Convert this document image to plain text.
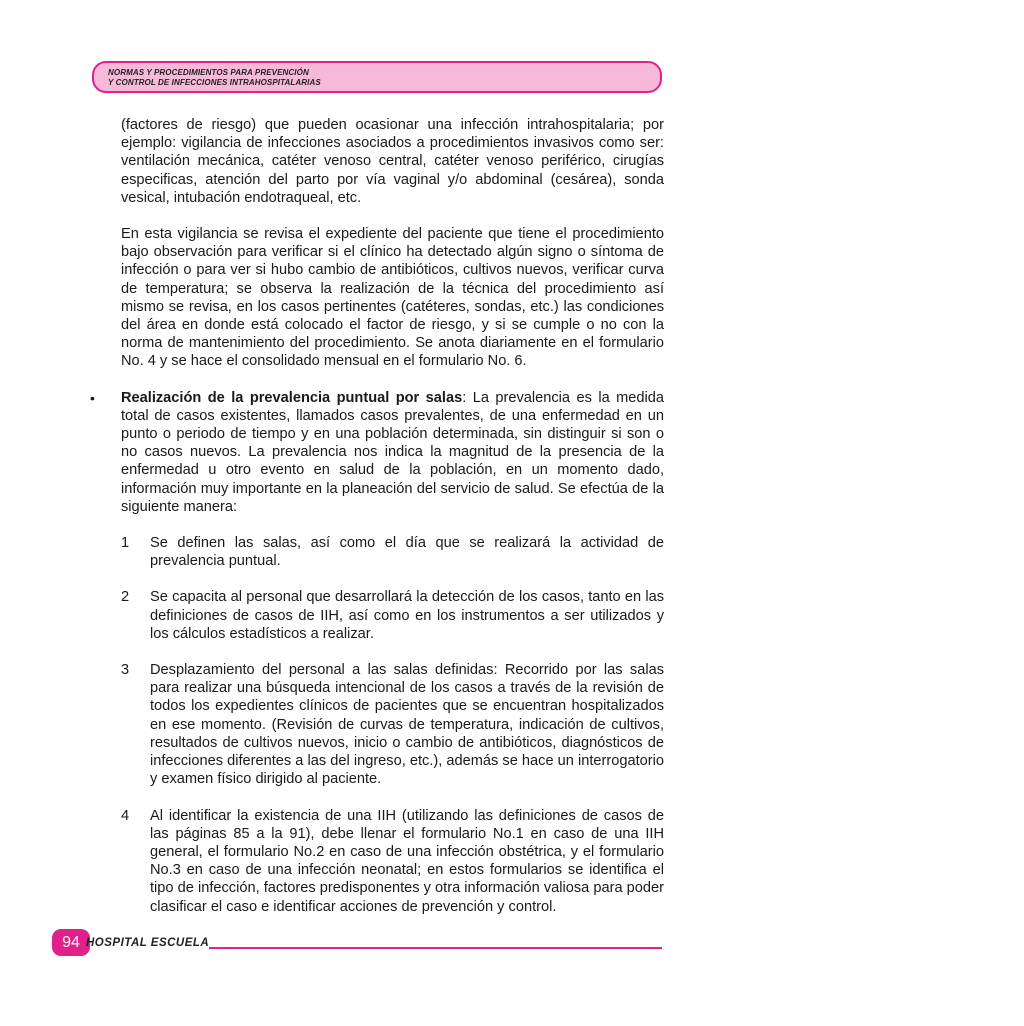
NORMAS Y PROCEDIMIENTOS PARA PREVENCIÓN
Y CONTROL DE INFECCIONES INTRAHOSPITALARIAS

(factores de riesgo) que pueden ocasionar una infección intrahospitalaria; por ejemplo: vigilancia de infecciones asociados a procedimientos invasivos como ser: ventilación mecánica, catéter venoso central, catéter venoso periférico, cirugías especificas, atención del parto por vía vaginal y/o abdominal (cesárea), sonda vesical, intubación endotraqueal, etc.

En esta vigilancia se revisa el expediente del paciente que tiene el procedimiento bajo observación para verificar si el clínico ha detectado algún signo o síntoma de infección o para ver si hubo cambio de antibióticos, cultivos nuevos, verificar curva de temperatura; se observa la realización de la técnica del procedimiento así mismo se revisa, en los casos pertinentes (catéteres, sondas, etc.) las condiciones del área en donde está colocado el factor de riesgo, y si se cumple o no con la norma de mantenimiento del procedimiento. Se anota diariamente en el formulario No. 4 y se hace el consolidado mensual en el formulario No. 6.

• Realización de la prevalencia puntual por salas: La prevalencia es la medida total de casos existentes, llamados casos prevalentes, de una enfermedad en un punto o periodo de tiempo y en una población determinada, sin distinguir si son o no casos nuevos. La prevalencia nos indica la magnitud de la presencia de la enfermedad u otro evento en salud de la población, en un momento dado, información muy importante en la planeación del servicio de salud. Se efectúa de la siguiente manera:
1 Se definen las salas, así como el día que se realizará la actividad de prevalencia puntual.
2 Se capacita al personal que desarrollará la detección de los casos, tanto en las definiciones de casos de IIH, así como en los instrumentos a ser utilizados y los cálculos estadísticos a realizar.
3 Desplazamiento del personal a las salas definidas: Recorrido por las salas para realizar una búsqueda intencional de los casos a través de la revisión de todos los expedientes clínicos de pacientes que se encuentran hospitalizados en ese momento. (Revisión de curvas de temperatura, indicación de cultivos, resultados de cultivos nuevos, inicio o cambio de antibióticos, diagnósticos de infecciones diferentes a las del ingreso, etc.), además se hace un interrogatorio y examen físico dirigido al paciente.
4 Al identificar la existencia de una IIH (utilizando las definiciones de casos de las páginas 85 a la 91), debe llenar el formulario No.1 en caso de una IIH general, el formulario No.2 en caso de una infección obstétrica, y el formulario No.3 en caso de una infección neonatal; en estos formularios se identifica el tipo de infección, factores predisponentes y otra información valiosa para poder clasificar el caso e identificar acciones de prevención y control.
94 HOSPITAL ESCUELA
